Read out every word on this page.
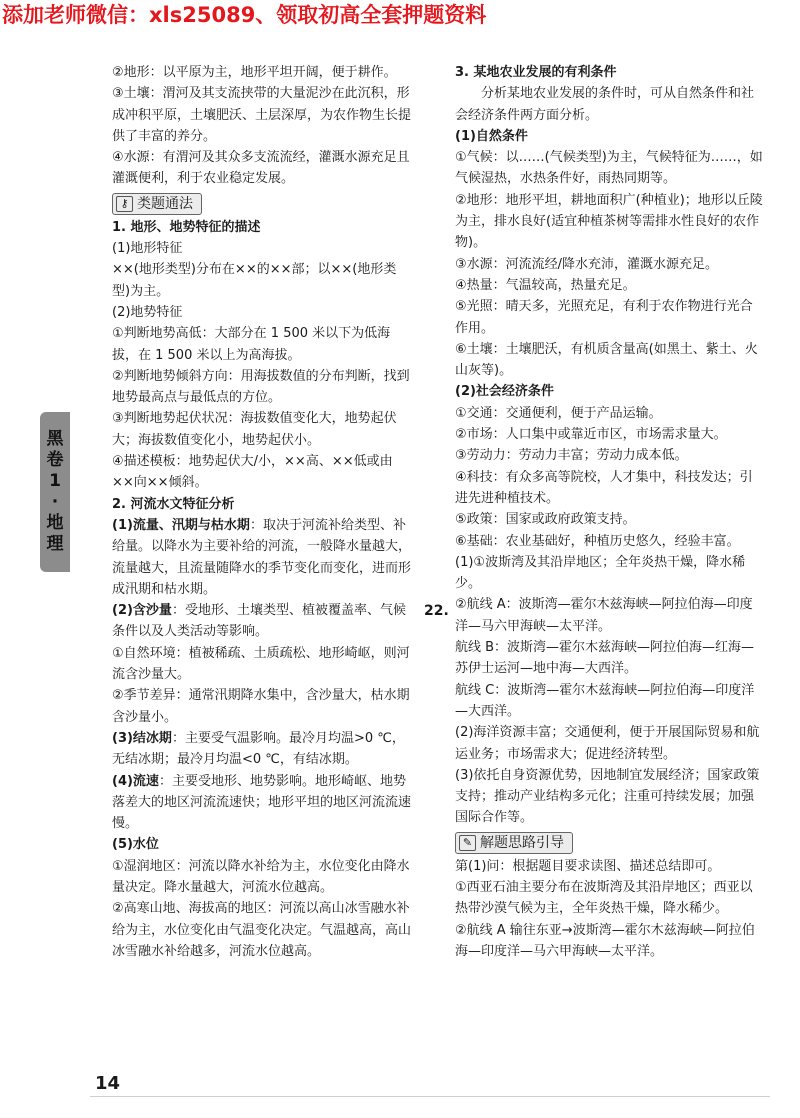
添加老师微信：xls25089、领取初高全套押题资料
黑
卷
1
·
地
理

②地形：以平原为主，地形平坦开阔，便于耕作。

③土壤：渭河及其支流挟带的大量泥沙在此沉积，形成冲积平原，土壤肥沃、土层深厚，为农作物生长提供了丰富的养分。

④水源：有渭河及其众多支流流经，灌溉水源充足且灌溉便利，利于农业稳定发展。

⚷ 类题通法

1. 地形、地势特征的描述

(1)地形特征

××(地形类型)分布在××的××部；以××(地形类型)为主。

(2)地势特征

①判断地势高低：大部分在 1 500 米以下为低海拔，在 1 500 米以上为高海拔。

②判断地势倾斜方向：用海拔数值的分布判断，找到地势最高点与最低点的方位。

③判断地势起伏状况：海拔数值变化大，地势起伏大；海拔数值变化小，地势起伏小。

④描述模板：地势起伏大/小，××高、××低或由××向××倾斜。

2. 河流水文特征分析

(1)流量、汛期与枯水期：取决于河流补给类型、补给量。以降水为主要补给的河流，一般降水量越大，流量越大，且流量随降水的季节变化而变化，进而形成汛期和枯水期。

(2)含沙量：受地形、土壤类型、植被覆盖率、气候条件以及人类活动等影响。

①自然环境：植被稀疏、土质疏松、地形崎岖，则河流含沙量大。

②季节差异：通常汛期降水集中，含沙量大，枯水期含沙量小。

(3)结冰期：主要受气温影响。最冷月均温>0 ℃，无结冰期；最冷月均温<0 ℃，有结冰期。

(4)流速：主要受地形、地势影响。地形崎岖、地势落差大的地区河流流速快；地形平坦的地区河流流速慢。

(5)水位

①湿润地区：河流以降水补给为主，水位变化由降水量决定。降水量越大，河流水位越高。

②高寒山地、海拔高的地区：河流以高山冰雪融水补给为主，水位变化由气温变化决定。气温越高，高山冰雪融水补给越多，河流水位越高。

3. 某地农业发展的有利条件

分析某地农业发展的条件时，可从自然条件和社会经济条件两方面分析。

(1)自然条件

①气候：以……(气候类型)为主，气候特征为……，如气候湿热，水热条件好，雨热同期等。

②地形：地形平坦，耕地面积广(种植业)；地形以丘陵为主，排水良好(适宜种植茶树等需排水性良好的农作物)。

③水源：河流流经/降水充沛，灌溉水源充足。

④热量：气温较高，热量充足。

⑤光照：晴天多，光照充足，有利于农作物进行光合作用。

⑥土壤：土壤肥沃，有机质含量高(如黑土、紫土、火山灰等)。

(2)社会经济条件

①交通：交通便利，便于产品运输。

②市场：人口集中或靠近市区，市场需求量大。

③劳动力：劳动力丰富；劳动力成本低。

④科技：有众多高等院校，人才集中，科技发达；引进先进种植技术。

⑤政策：国家或政府政策支持。

⑥基础：农业基础好，种植历史悠久，经验丰富。

(1)①波斯湾及其沿岸地区；全年炎热干燥，降水稀少。

②航线 A：波斯湾—霍尔木兹海峡—阿拉伯海—印度洋—马六甲海峡—太平洋。

航线 B：波斯湾—霍尔木兹海峡—阿拉伯海—红海—苏伊士运河—地中海—大西洋。

航线 C：波斯湾—霍尔木兹海峡—阿拉伯海—印度洋—大西洋。

(2)海洋资源丰富；交通便利，便于开展国际贸易和航运业务；市场需求大；促进经济转型。

(3)依托自身资源优势，因地制宜发展经济；国家政策支持；推动产业结构多元化；注重可持续发展；加强国际合作等。

✎ 解题思路引导

第(1)问：根据题目要求读图、描述总结即可。

①西亚石油主要分布在波斯湾及其沿岸地区；西亚以热带沙漠气候为主，全年炎热干燥，降水稀少。

②航线 A 输往东亚→波斯湾—霍尔木兹海峡—阿拉伯海—印度洋—马六甲海峡—太平洋。

22.
14
